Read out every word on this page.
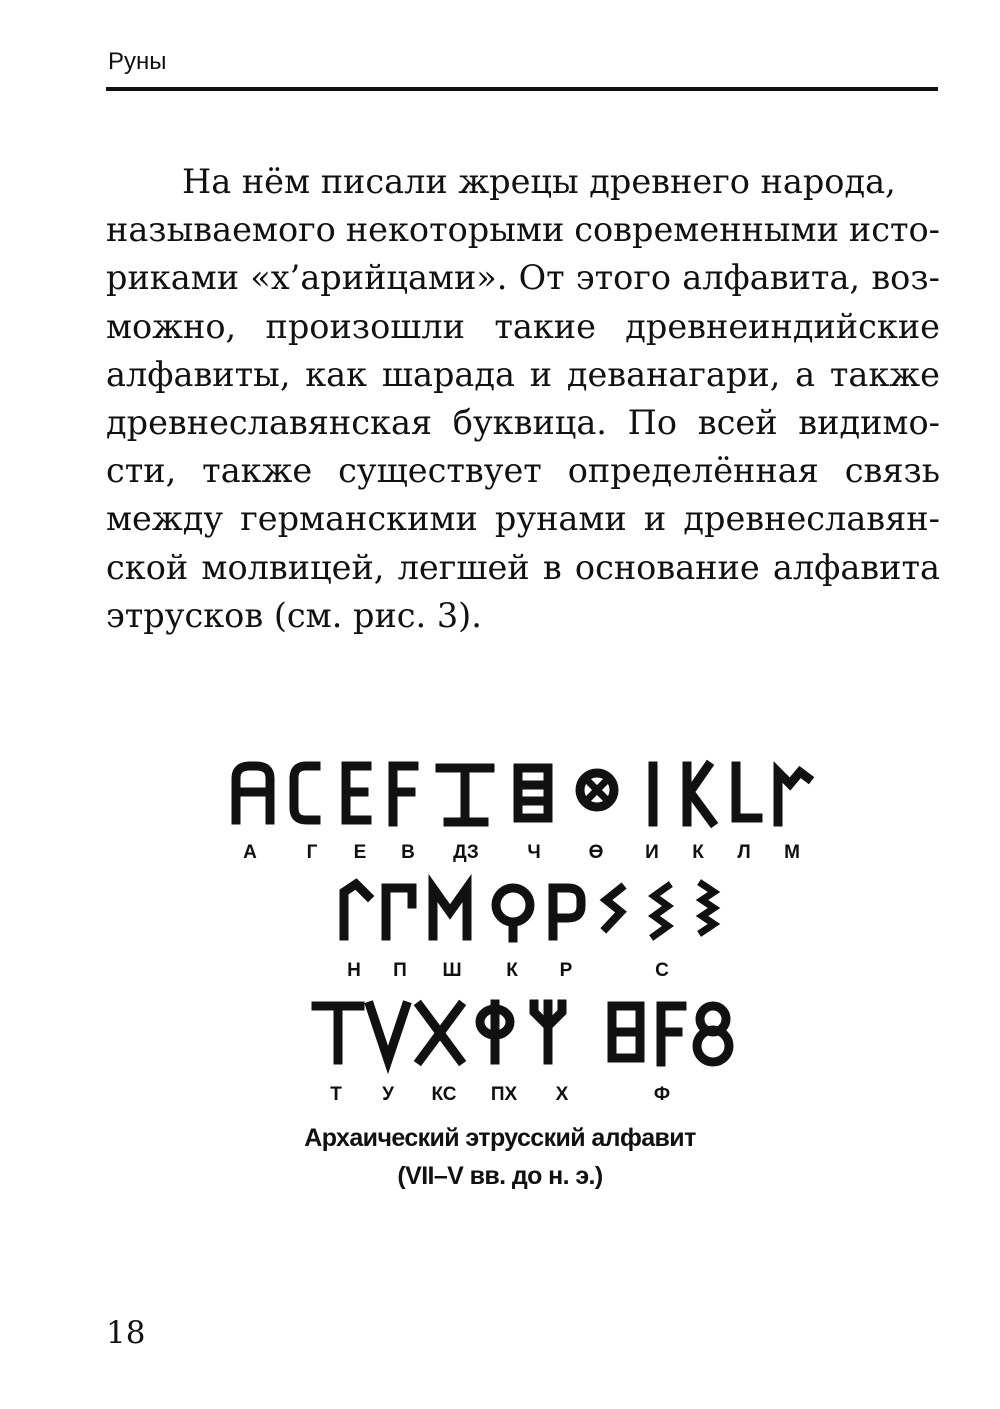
Руны
На нём писали жрецы древнего народа,
называемого некоторыми современными исто-
риками «х’арийцами». От этого алфавита, воз-
можно, произошли такие древнеиндийские
алфавиты, как шарада и деванагари, а также
древнеславянская буквица. По всей видимо-
сти, также существует определённая связь
между германскими рунами и древнеславян-
ской молвицей, легшей в основание алфавита
этрусков (см. рис. 3).
А	Г Е В ДЗ	Ч	Ө И К Л М
Н П Ш К Р	С
Т У КС ПХ Х	Ф
Архаический этрусский алфавит
(VII–V вв. до н. э.)
18
